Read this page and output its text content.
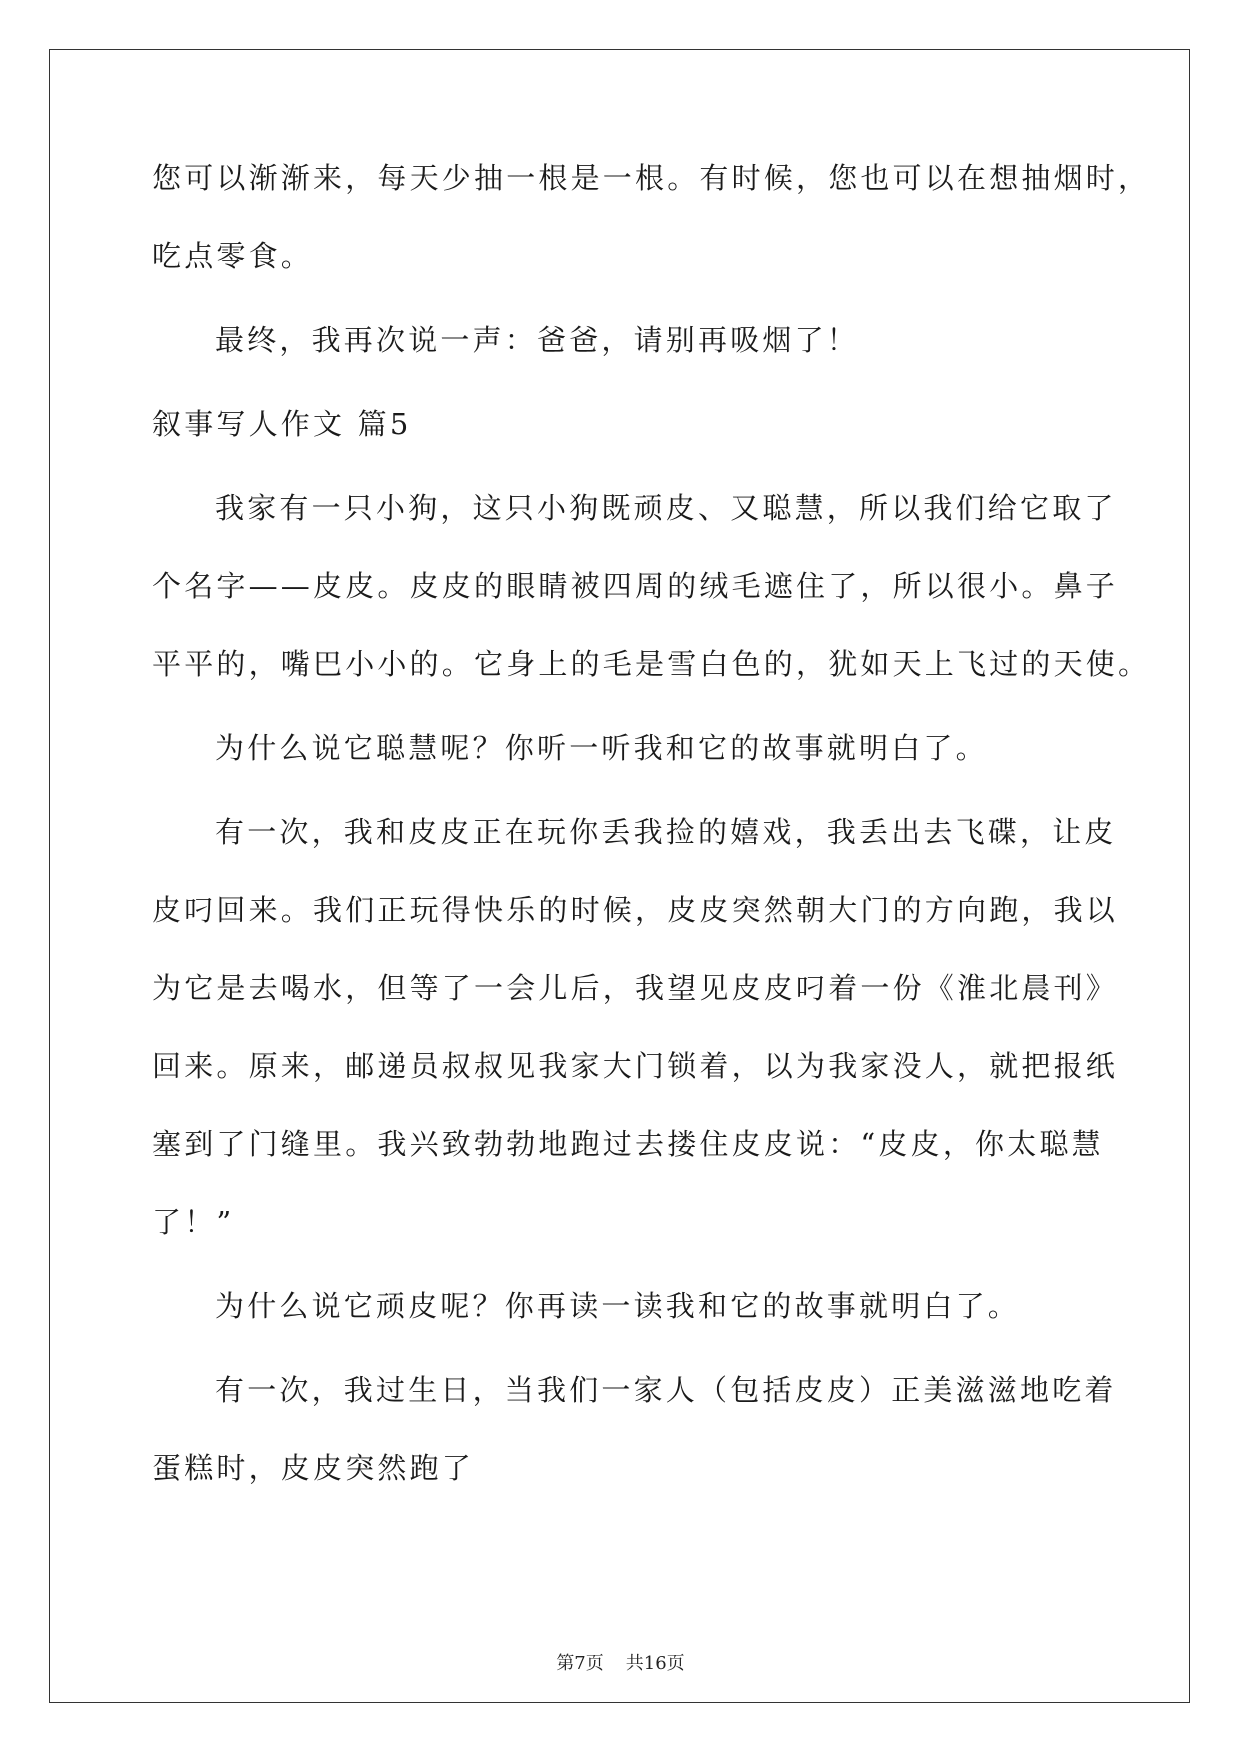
您可以渐渐来，每天少抽一根是一根。有时候，您也可以在想抽烟时，
吃点零食。
最终，我再次说一声：爸爸，请别再吸烟了！
叙事写人作文 篇5
我家有一只小狗，这只小狗既顽皮、又聪慧，所以我们给它取了
个名字——皮皮。皮皮的眼睛被四周的绒毛遮住了，所以很小。鼻子
平平的，嘴巴小小的。它身上的毛是雪白色的，犹如天上飞过的天使。
为什么说它聪慧呢？你听一听我和它的故事就明白了。
有一次，我和皮皮正在玩你丢我捡的嬉戏，我丢出去飞碟，让皮
皮叼回来。我们正玩得快乐的时候，皮皮突然朝大门的方向跑，我以
为它是去喝水，但等了一会儿后，我望见皮皮叼着一份《淮北晨刊》
回来。原来，邮递员叔叔见我家大门锁着，以为我家没人，就把报纸
塞到了门缝里。我兴致勃勃地跑过去搂住皮皮说：“皮皮，你太聪慧
了！”
为什么说它顽皮呢？你再读一读我和它的故事就明白了。
有一次，我过生日，当我们一家人（包括皮皮）正美滋滋地吃着
蛋糕时，皮皮突然跑了
第7页 共16页
